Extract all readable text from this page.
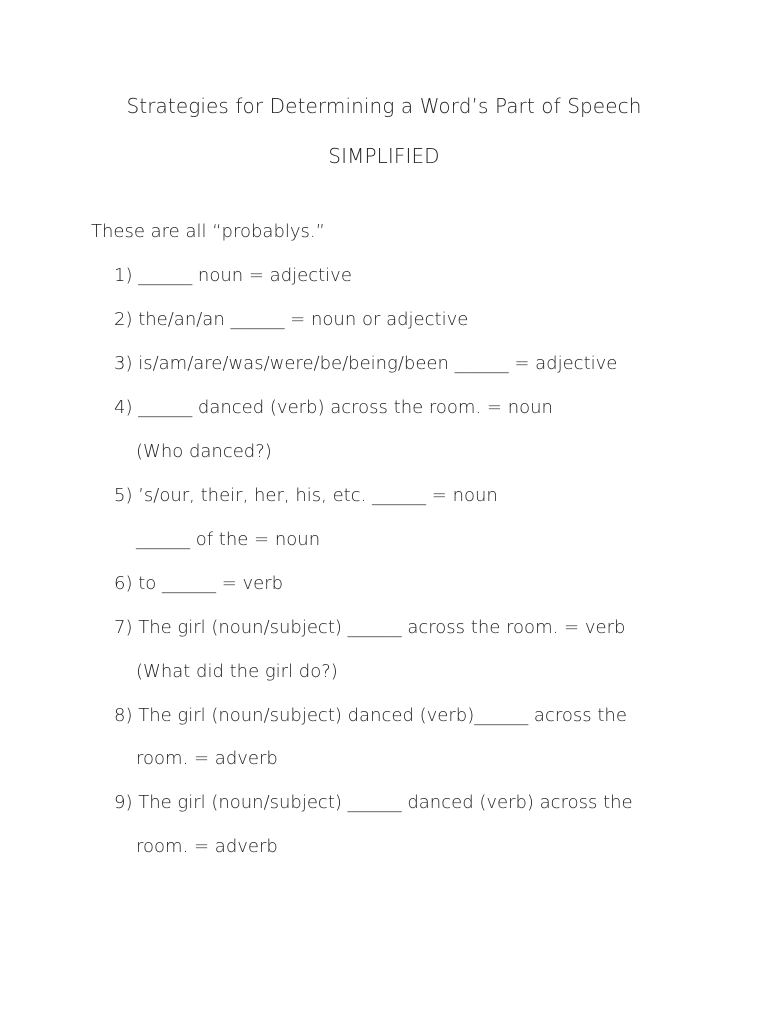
Strategies for Determining a Word’s Part of Speech
SIMPLIFIED
These are all “probablys.”
1) ______ noun = adjective
2) the/an/an ______ = noun or adjective
3) is/am/are/was/were/be/being/been ______ = adjective
4) ______ danced (verb) across the room. = noun
(Who danced?)
5) ’s/our, their, her, his, etc. ______ = noun
______ of the = noun
6) to ______ = verb
7) The girl (noun/subject) ______ across the room. = verb
(What did the girl do?)
8) The girl (noun/subject) danced (verb)______ across the
room. = adverb
9) The girl (noun/subject) ______ danced (verb) across the
room. = adverb
